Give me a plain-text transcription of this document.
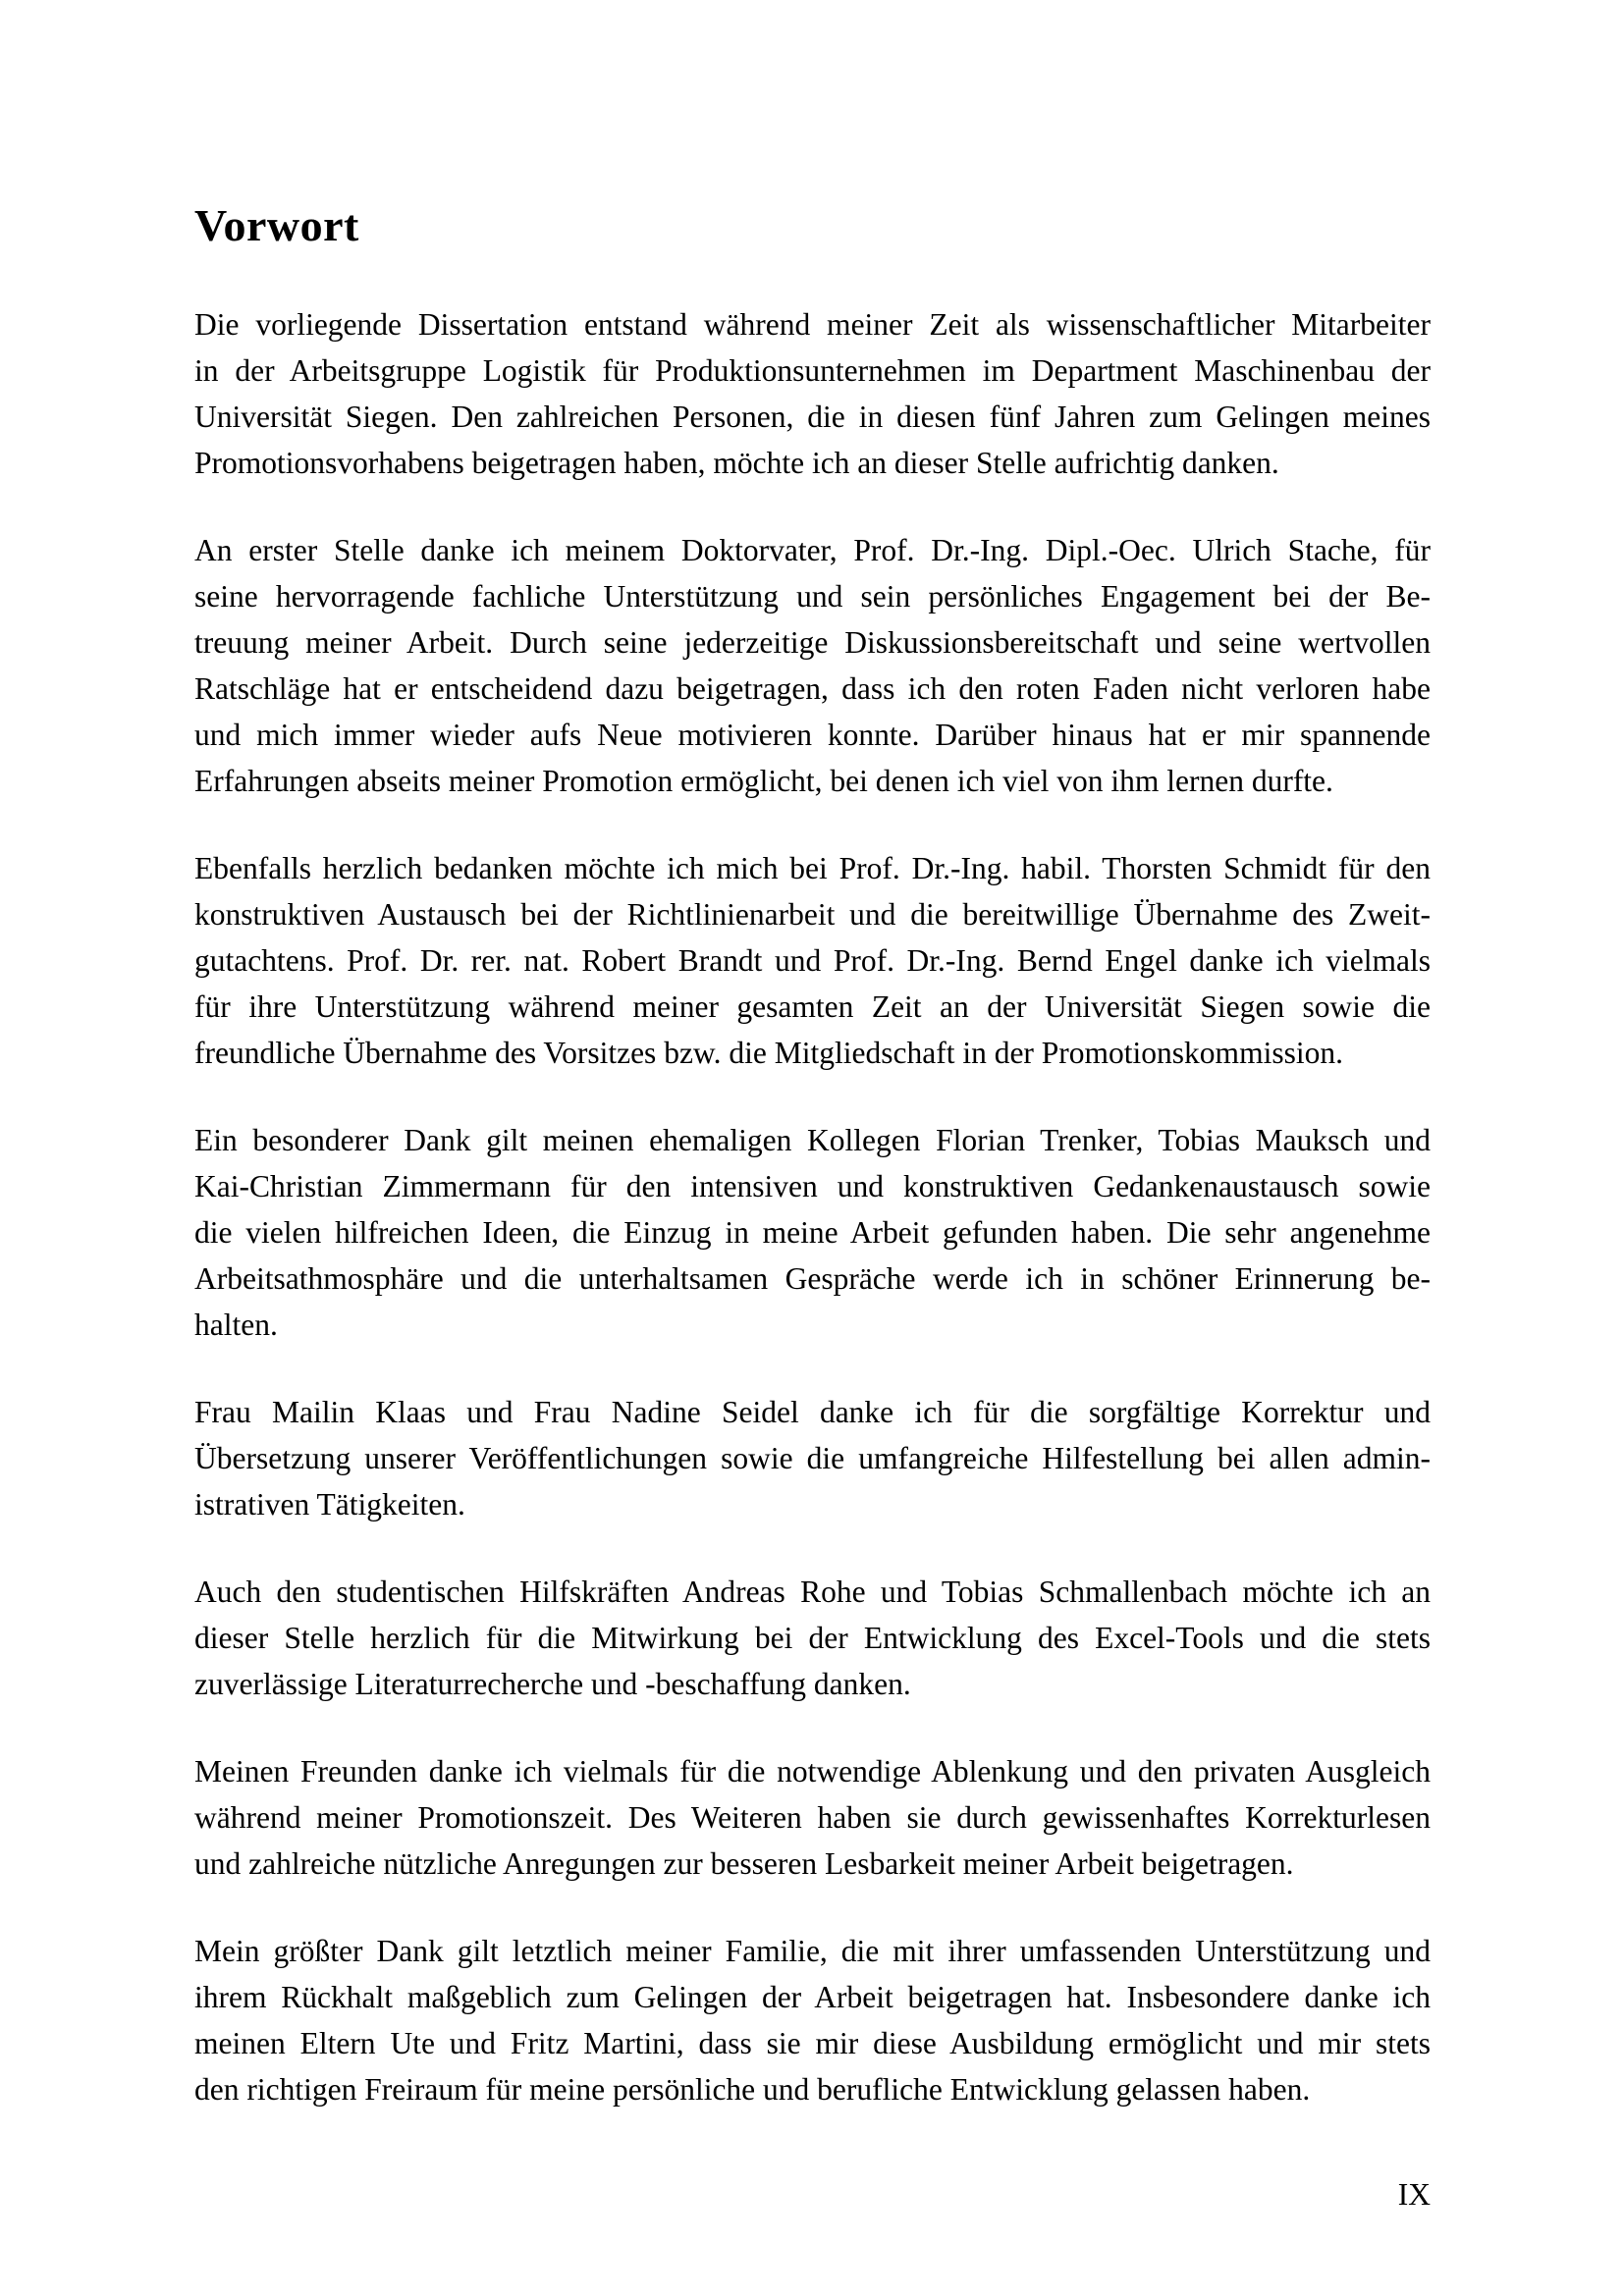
Vorwort
Die vorliegende Dissertation entstand während meiner Zeit als wissenschaftlicher Mitarbeiter
in der Arbeitsgruppe Logistik für Produktionsunternehmen im Department Maschinenbau der
Universität Siegen. Den zahlreichen Personen, die in diesen fünf Jahren zum Gelingen meines
Promotionsvorhabens beigetragen haben, möchte ich an dieser Stelle aufrichtig danken.
An erster Stelle danke ich meinem Doktorvater, Prof. Dr.-Ing. Dipl.-Oec. Ulrich Stache, für
seine hervorragende fachliche Unterstützung und sein persönliches Engagement bei der Be-
treuung meiner Arbeit. Durch seine jederzeitige Diskussionsbereitschaft und seine wertvollen
Ratschläge hat er entscheidend dazu beigetragen, dass ich den roten Faden nicht verloren habe
und mich immer wieder aufs Neue motivieren konnte. Darüber hinaus hat er mir spannende
Erfahrungen abseits meiner Promotion ermöglicht, bei denen ich viel von ihm lernen durfte.
Ebenfalls herzlich bedanken möchte ich mich bei Prof. Dr.-Ing. habil. Thorsten Schmidt für den
konstruktiven Austausch bei der Richtlinienarbeit und die bereitwillige Übernahme des Zweit-
gutachtens. Prof. Dr. rer. nat. Robert Brandt und Prof. Dr.-Ing. Bernd Engel danke ich vielmals
für ihre Unterstützung während meiner gesamten Zeit an der Universität Siegen sowie die
freundliche Übernahme des Vorsitzes bzw. die Mitgliedschaft in der Promotionskommission.
Ein besonderer Dank gilt meinen ehemaligen Kollegen Florian Trenker, Tobias Mauksch und
Kai-Christian Zimmermann für den intensiven und konstruktiven Gedankenaustausch sowie
die vielen hilfreichen Ideen, die Einzug in meine Arbeit gefunden haben. Die sehr angenehme
Arbeitsathmosphäre und die unterhaltsamen Gespräche werde ich in schöner Erinnerung be-
halten.
Frau Mailin Klaas und Frau Nadine Seidel danke ich für die sorgfältige Korrektur und
Übersetzung unserer Veröffentlichungen sowie die umfangreiche Hilfestellung bei allen admin-
istrativen Tätigkeiten.
Auch den studentischen Hilfskräften Andreas Rohe und Tobias Schmallenbach möchte ich an
dieser Stelle herzlich für die Mitwirkung bei der Entwicklung des Excel-Tools und die stets
zuverlässige Literaturrecherche und -beschaffung danken.
Meinen Freunden danke ich vielmals für die notwendige Ablenkung und den privaten Ausgleich
während meiner Promotionszeit. Des Weiteren haben sie durch gewissenhaftes Korrekturlesen
und zahlreiche nützliche Anregungen zur besseren Lesbarkeit meiner Arbeit beigetragen.
Mein größter Dank gilt letztlich meiner Familie, die mit ihrer umfassenden Unterstützung und
ihrem Rückhalt maßgeblich zum Gelingen der Arbeit beigetragen hat. Insbesondere danke ich
meinen Eltern Ute und Fritz Martini, dass sie mir diese Ausbildung ermöglicht und mir stets
den richtigen Freiraum für meine persönliche und berufliche Entwicklung gelassen haben.
IX
